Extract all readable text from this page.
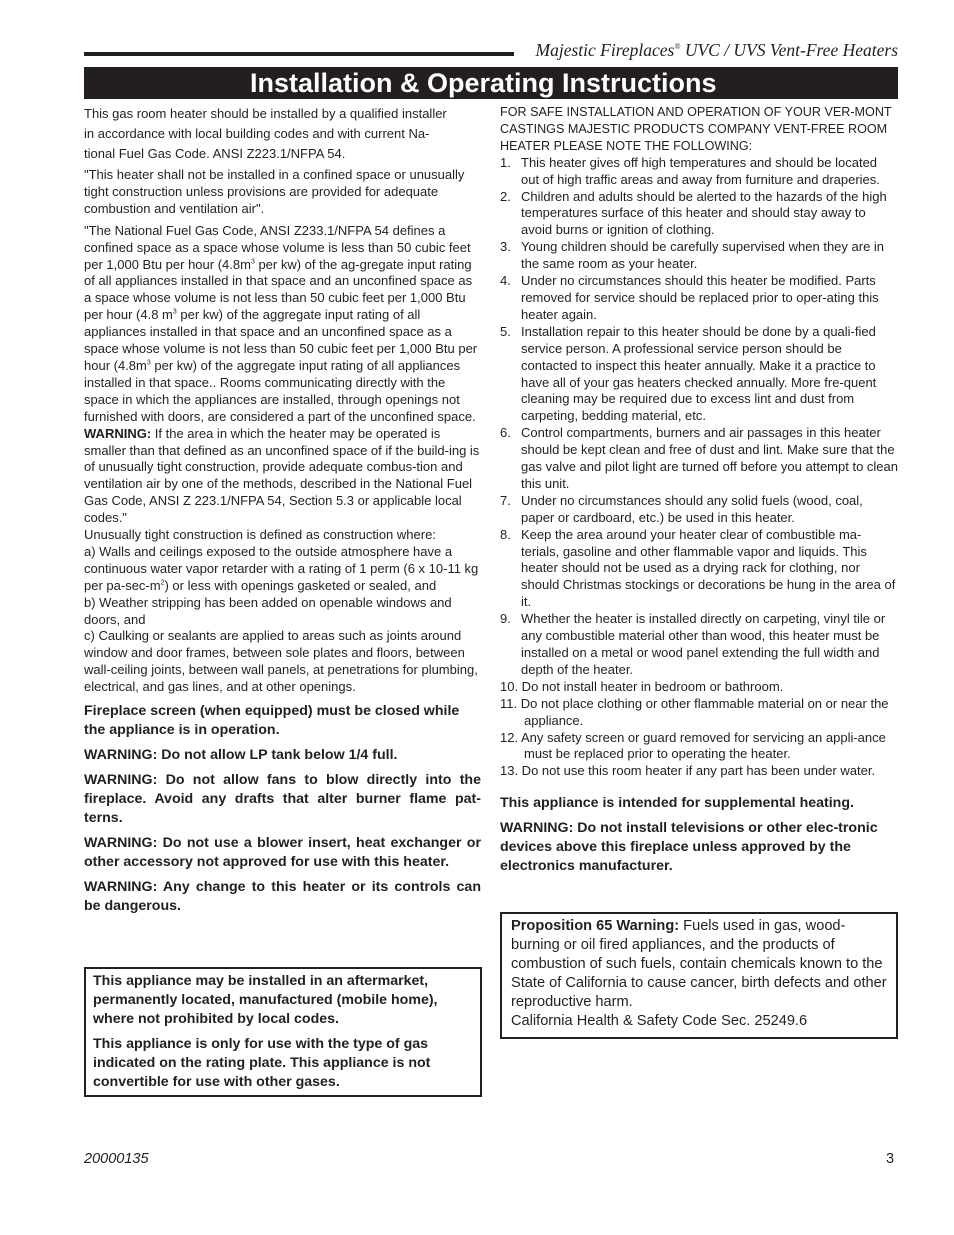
Majestic Fireplaces® UVC / UVS Vent-Free Heaters
Installation & Operating Instructions

This gas room heater should be installed by a qualified installer

in accordance with local building codes and with current Na-

tional Fuel Gas Code. ANSI Z223.1/NFPA 54.

"This heater shall not be installed in a confined space or unusually tight construction unless provisions are provided for adequate combustion and ventilation air".

"The National Fuel Gas Code, ANSI Z233.1/NFPA 54 defines a confined space as a space whose volume is less than 50 cubic feet per 1,000 Btu per hour ($4.8m^3$ per kw) of the ag-gregate input rating of all appliances installed in that space and an unconfined space as a space whose volume is not less than 50 cubic feet per 1,000 Btu per hour (4.8 $m^3$ per kw) of the aggregate input rating of all appliances installed in that space and an unconfined space as a space whose volume is not less than 50 cubic feet per 1,000 Btu per hour ($4.8m^3$ per kw) of the aggregate input rating of all appliances installed in that space.. Rooms communicating directly with the space in which the appliances are installed, through openings not furnished with doors, are considered a part of the unconfined space.

WARNING: If the area in which the heater may be operated is smaller than that defined as an unconfined space of if the build-ing is of unusually tight construction, provide adequate combus-tion and ventilation air by one of the methods, described in the National Fuel Gas Code, ANSI Z 223.1/NFPA 54, Section 5.3 or applicable local codes."

Unusually tight construction is defined as construction where:

a) Walls and ceilings exposed to the outside atmosphere have a continuous water vapor retarder with a rating of 1 perm (6 x 10-11 kg per $pa-\sec-m^2$) or less with openings gasketed or sealed, and

b) Weather stripping has been added on openable windows and doors, and

c) Caulking or sealants are applied to areas such as joints around window and door frames, between sole plates and floors, between wall-ceiling joints, between wall panels, at penetrations for plumbing, electrical, and gas lines, and at other openings.

Fireplace screen (when equipped) must be closed while the appliance is in operation.

WARNING: Do not allow LP tank below 1/4 full.

WARNING: Do not allow fans to blow directly into the fireplace. Avoid any drafts that alter burner flame pat-terns.

WARNING: Do not use a blower insert, heat exchanger or other accessory not approved for use with this heater.

WARNING: Any change to this heater or its controls can be dangerous.

This appliance may be installed in an aftermarket, permanently located, manufactured (mobile home), where not prohibited by local codes.

This appliance is only for use with the type of gas indicated on the rating plate. This appliance is not convertible for use with other gases.

FOR SAFE INSTALLATION AND OPERATION OF YOUR VER-MONT CASTINGS MAJESTIC PRODUCTS COMPANY VENT-FREE ROOM HEATER PLEASE NOTE THE FOLLOWING:

1. This heater gives off high temperatures and should be located out of high traffic areas and away from furniture and draperies.
2. Children and adults should be alerted to the hazards of the high temperatures surface of this heater and should stay away to avoid burns or ignition of clothing.
3. Young children should be carefully supervised when they are in the same room as your heater.
4. Under no circumstances should this heater be modified. Parts removed for service should be replaced prior to oper-ating this heater again.
5. Installation repair to this heater should be done by a quali-fied service person. A professional service person should be contacted to inspect this heater annually. Make it a practice to have all of your gas heaters checked annually. More fre-quent cleaning may be required due to excess lint and dust from carpeting, bedding material, etc.
6. Control compartments, burners and air passages in this heater should be kept clean and free of dust and lint. Make sure that the gas valve and pilot light are turned off before you attempt to clean this unit.
7. Under no circumstances should any solid fuels (wood, coal, paper or cardboard, etc.) be used in this heater.
8. Keep the area around your heater clear of combustible ma-terials, gasoline and other flammable vapor and liquids. This heater should not be used as a drying rack for clothing, nor should Christmas stockings or decorations be hung in the area of it.
9. Whether the heater is installed directly on carpeting, vinyl tile or any combustible material other than wood, this heater must be installed on a metal or wood panel extending the full width and depth of the heater.

10. Do not install heater in bedroom or bathroom.

11. Do not place clothing or other flammable material on or near the appliance.

12. Any safety screen or guard removed for servicing an appli-ance must be replaced prior to operating the heater.

13. Do not use this room heater if any part has been under water.

This appliance is intended for supplemental heating.

WARNING: Do not install televisions or other elec-tronic devices above this fireplace unless approved by the electronics manufacturer.

Proposition 65 Warning: Fuels used in gas, wood-burning or oil fired appliances, and the products of combustion of such fuels, contain chemicals known to the State of California to cause cancer, birth defects and other reproductive harm.

California Health & Safety Code Sec. 25249.6

20000135	3
